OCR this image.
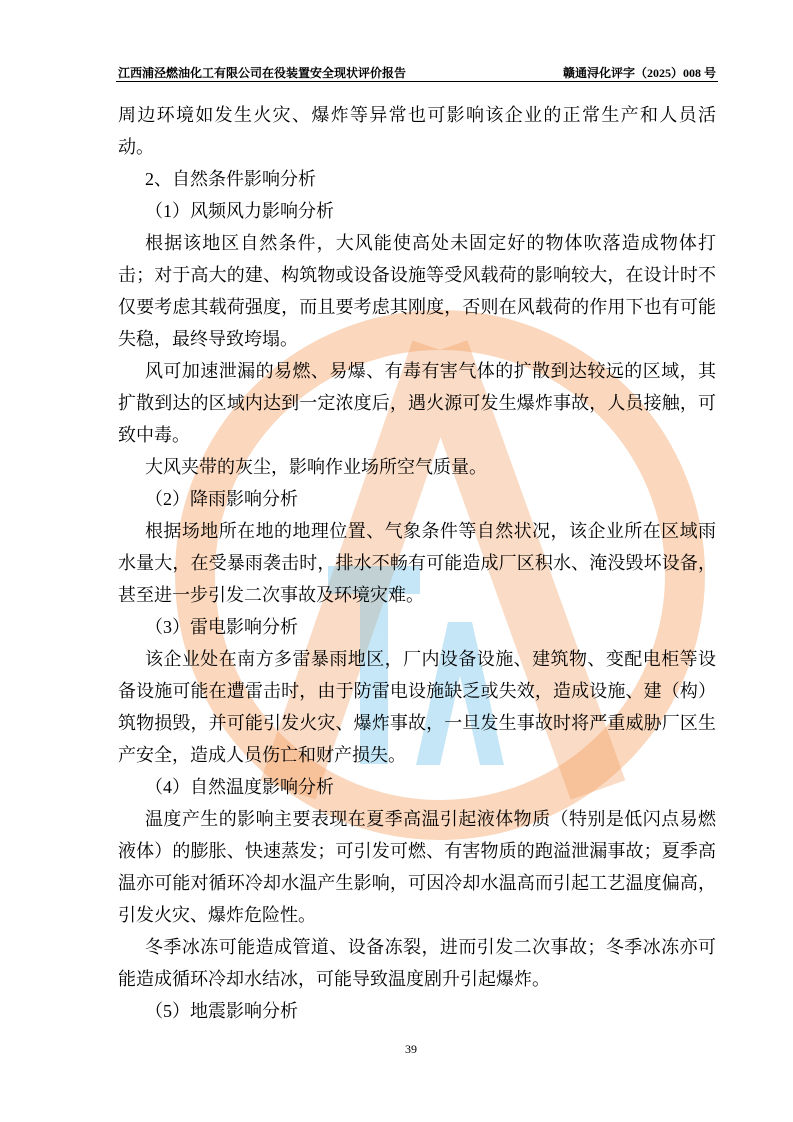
江西浦泾燃油化工有限公司在役装置安全现状评价报告	赣通浔化评字（2025）008 号
周边环境如发生火灾、爆炸等异常也可影响该企业的正常生产和人员活
动。
2、自然条件影响分析
（1）风频风力影响分析
根据该地区自然条件，大风能使高处未固定好的物体吹落造成物体打
击；对于高大的建、构筑物或设备设施等受风载荷的影响较大，在设计时不
仅要考虑其载荷强度，而且要考虑其刚度，否则在风载荷的作用下也有可能
失稳，最终导致垮塌。
风可加速泄漏的易燃、易爆、有毒有害气体的扩散到达较远的区域，其
扩散到达的区域内达到一定浓度后，遇火源可发生爆炸事故，人员接触，可
致中毒。
大风夹带的灰尘，影响作业场所空气质量。
（2）降雨影响分析
根据场地所在地的地理位置、气象条件等自然状况，该企业所在区域雨
水量大，在受暴雨袭击时，排水不畅有可能造成厂区积水、淹没毁坏设备，
甚至进一步引发二次事故及环境灾难。
（3）雷电影响分析
该企业处在南方多雷暴雨地区，厂内设备设施、建筑物、变配电柜等设
备设施可能在遭雷击时，由于防雷电设施缺乏或失效，造成设施、建（构）
筑物损毁，并可能引发火灾、爆炸事故，一旦发生事故时将严重威胁厂区生
产安全，造成人员伤亡和财产损失。
（4）自然温度影响分析
温度产生的影响主要表现在夏季高温引起液体物质（特别是低闪点易燃
液体）的膨胀、快速蒸发；可引发可燃、有害物质的跑溢泄漏事故；夏季高
温亦可能对循环冷却水温产生影响，可因冷却水温高而引起工艺温度偏高，
引发火灾、爆炸危险性。
冬季冰冻可能造成管道、设备冻裂，进而引发二次事故；冬季冰冻亦可
能造成循环冷却水结冰，可能导致温度剧升引起爆炸。
（5）地震影响分析
39
